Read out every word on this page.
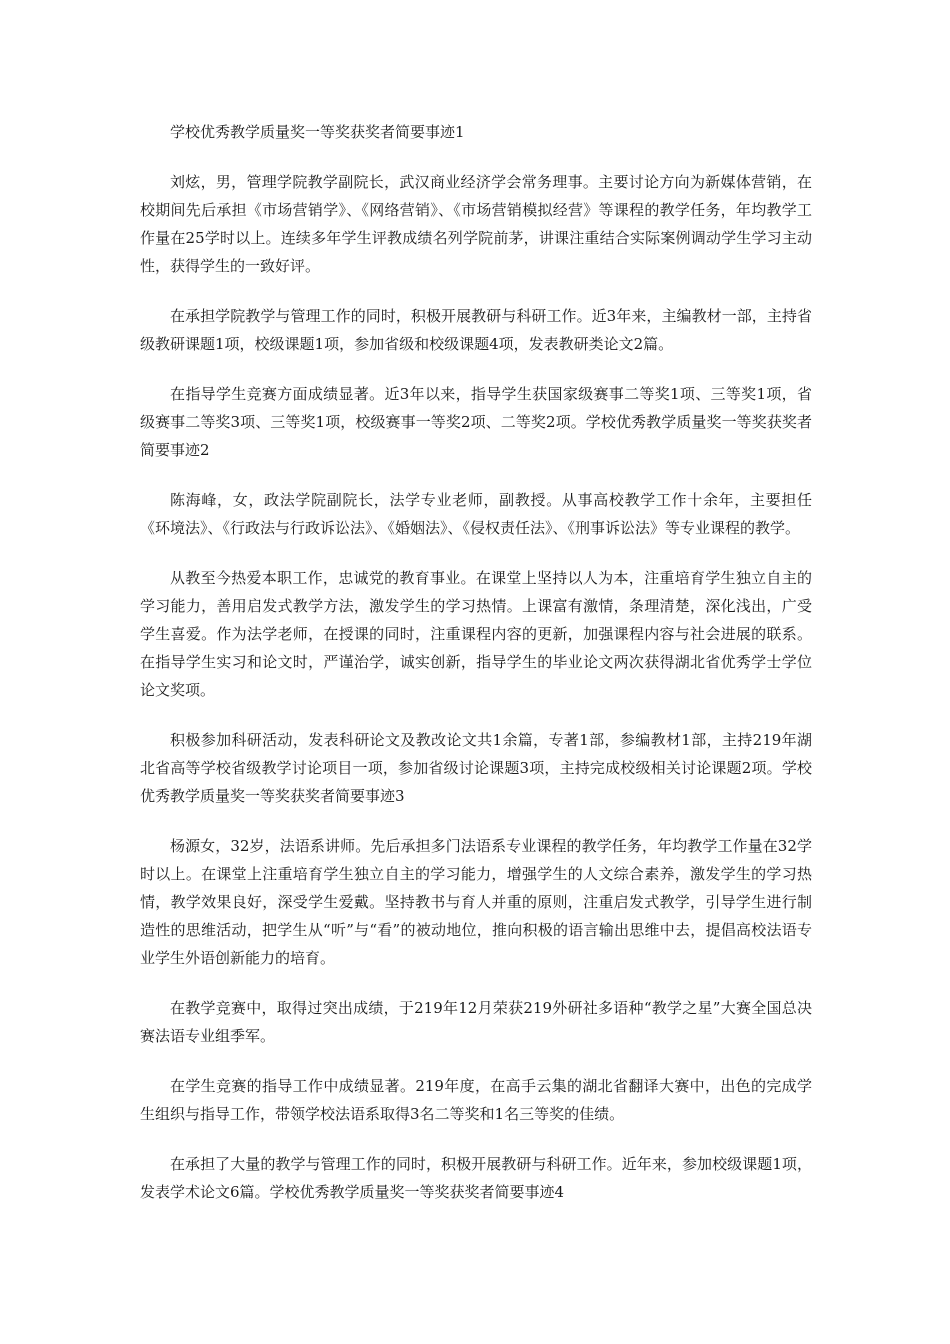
学校优秀教学质量奖一等奖获奖者简要事迹1

刘炫，男，管理学院教学副院长，武汉商业经济学会常务理事。主要讨论方向为新媒体营销，在校期间先后承担《市场营销学》、《网络营销》、《市场营销模拟经营》等课程的教学任务，年均教学工作量在25学时以上。连续多年学生评教成绩名列学院前茅，讲课注重结合实际案例调动学生学习主动性，获得学生的一致好评。

在承担学院教学与管理工作的同时，积极开展教研与科研工作。近3年来，主编教材一部，主持省级教研课题1项，校级课题1项，参加省级和校级课题4项，发表教研类论文2篇。

在指导学生竞赛方面成绩显著。近3年以来，指导学生获国家级赛事二等奖1项、三等奖1项，省级赛事二等奖3项、三等奖1项，校级赛事一等奖2项、二等奖2项。学校优秀教学质量奖一等奖获奖者简要事迹2

陈海峰，女，政法学院副院长，法学专业老师，副教授。从事高校教学工作十余年，主要担任《环境法》、《行政法与行政诉讼法》、《婚姻法》、《侵权责任法》、《刑事诉讼法》等专业课程的教学。

从教至今热爱本职工作，忠诚党的教育事业。在课堂上坚持以人为本，注重培育学生独立自主的学习能力，善用启发式教学方法，激发学生的学习热情。上课富有激情，条理清楚，深化浅出，广受学生喜爱。作为法学老师，在授课的同时，注重课程内容的更新，加强课程内容与社会进展的联系。在指导学生实习和论文时，严谨治学，诚实创新，指导学生的毕业论文两次获得湖北省优秀学士学位论文奖项。

积极参加科研活动，发表科研论文及教改论文共1余篇，专著1部，参编教材1部，主持219年湖北省高等学校省级教学讨论项目一项，参加省级讨论课题3项，主持完成校级相关讨论课题2项。学校优秀教学质量奖一等奖获奖者简要事迹3

杨源女，32岁，法语系讲师。先后承担多门法语系专业课程的教学任务，年均教学工作量在32学时以上。在课堂上注重培育学生独立自主的学习能力，增强学生的人文综合素养，激发学生的学习热情，教学效果良好，深受学生爱戴。坚持教书与育人并重的原则，注重启发式教学，引导学生进行制造性的思维活动，把学生从“听”与“看”的被动地位，推向积极的语言输出思维中去，提倡高校法语专业学生外语创新能力的培育。

在教学竞赛中，取得过突出成绩，于219年12月荣获219外研社多语种“教学之星”大赛全国总决赛法语专业组季军。

在学生竞赛的指导工作中成绩显著。219年度，在高手云集的湖北省翻译大赛中，出色的完成学生组织与指导工作，带领学校法语系取得3名二等奖和1名三等奖的佳绩。

在承担了大量的教学与管理工作的同时，积极开展教研与科研工作。近年来，参加校级课题1项，发表学术论文6篇。学校优秀教学质量奖一等奖获奖者简要事迹4
